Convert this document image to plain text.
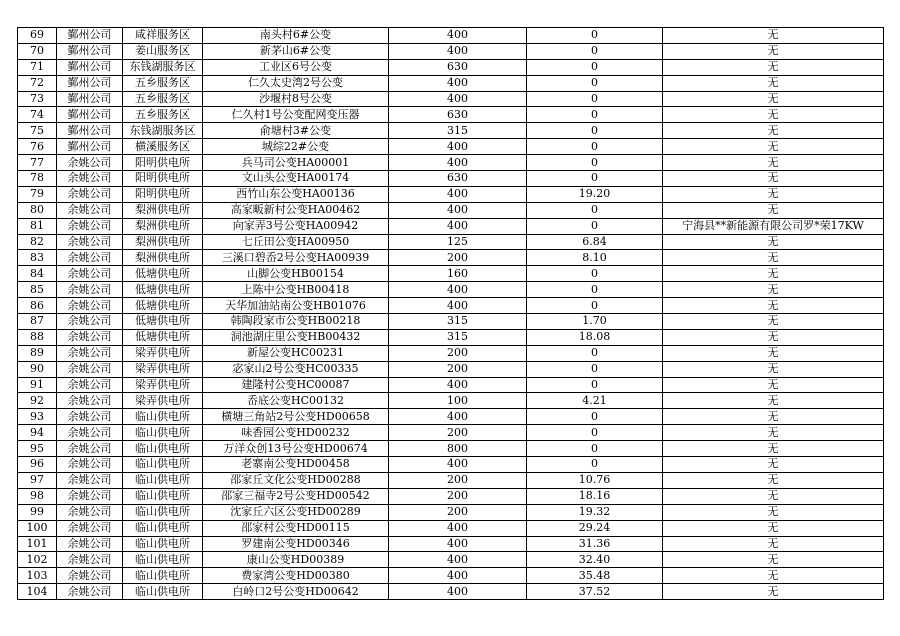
69	鄞州公司	咸祥服务区	南头村6#公变	400	0	无
70	鄞州公司	姜山服务区	新茅山6#公变	400	0	无
71	鄞州公司	东钱湖服务区	工业区6号公变	630	0	无
72	鄞州公司	五乡服务区	仁久太史湾2号公变	400	0	无
73	鄞州公司	五乡服务区	沙堰村8号公变	400	0	无
74	鄞州公司	五乡服务区	仁久村1号公变配网变压器	630	0	无
75	鄞州公司	东钱湖服务区	俞塘村3#公变	315	0	无
76	鄞州公司	横溪服务区	城综22#公变	400	0	无
77	余姚公司	阳明供电所	兵马司公变HA00001	400	0	无
78	余姚公司	阳明供电所	文山头公变HA00174	630	0	无
79	余姚公司	阳明供电所	西竹山东公变HA00136	400	19.20	无
80	余姚公司	梨洲供电所	高家畈新村公变HA00462	400	0	无
81	余姚公司	梨洲供电所	向家弄3号公变HA00942	400	0	宁海县**新能源有限公司罗*荣17KW
82	余姚公司	梨洲供电所	七丘田公变HA00950	125	6.84	无
83	余姚公司	梨洲供电所	三溪口碧岙2号公变HA00939	200	8.10	无
84	余姚公司	低塘供电所	山脚公变HB00154	160	0	无
85	余姚公司	低塘供电所	上陈中公变HB00418	400	0	无
86	余姚公司	低塘供电所	天华加油站南公变HB01076	400	0	无
87	余姚公司	低塘供电所	韩陶段家市公变HB00218	315	1.70	无
88	余姚公司	低塘供电所	洞池湖庄里公变HB00432	315	18.08	无
89	余姚公司	梁弄供电所	新屋公变HC00231	200	0	无
90	余姚公司	梁弄供电所	宓家山2号公变HC00335	200	0	无
91	余姚公司	梁弄供电所	建隆村公变HC00087	400	0	无
92	余姚公司	梁弄供电所	岙底公变HC00132	100	4.21	无
93	余姚公司	临山供电所	横塘三角站2号公变HD00658	400	0	无
94	余姚公司	临山供电所	味香园公变HD00232	200	0	无
95	余姚公司	临山供电所	万洋众创13号公变HD00674	800	0	无
96	余姚公司	临山供电所	老寨南公变HD00458	400	0	无
97	余姚公司	临山供电所	邵家丘文化公变HD00288	200	10.76	无
98	余姚公司	临山供电所	邵家三福寺2号公变HD00542	200	18.16	无
99	余姚公司	临山供电所	沈家丘六区公变HD00289	200	19.32	无
100	余姚公司	临山供电所	邵家村公变HD00115	400	29.24	无
101	余姚公司	临山供电所	罗建南公变HD00346	400	31.36	无
102	余姚公司	临山供电所	康山公变HD00389	400	32.40	无
103	余姚公司	临山供电所	费家湾公变HD00380	400	35.48	无
104	余姚公司	临山供电所	白岭口2号公变HD00642	400	37.52	无
